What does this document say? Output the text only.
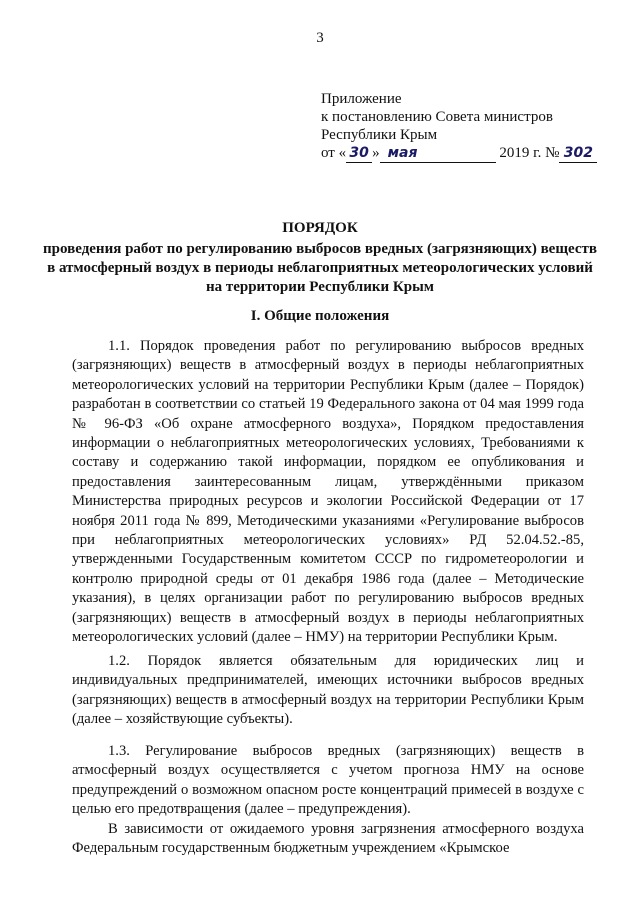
3
Приложение
к постановлению Совета министров
Республики Крым
от « 30 » мая	2019 г. № 302
ПОРЯДОК
проведения работ по регулированию выбросов вредных (загрязняющих) веществ в атмосферный воздух в периоды неблагоприятных метеорологических условий на территории Республики Крым
I. Общие положения
1.1. Порядок проведения работ по регулированию выбросов вредных (загрязняющих) веществ в атмосферный воздух в периоды неблагоприятных метеорологических условий на территории Республики Крым (далее – Порядок) разработан в соответствии со статьей 19 Федерального закона от 04 мая 1999 года № 96-ФЗ «Об охране атмосферного воздуха», Порядком предоставления информации о неблагоприятных метеорологических условиях, Требованиями к составу и содержанию такой информации, порядком ее опубликования и предоставления заинтересованным лицам, утверждёнными приказом Министерства природных ресурсов и экологии Российской Федерации от 17 ноября 2011 года № 899, Методическими указаниями «Регулирование выбросов при неблагоприятных метеорологических условиях» РД 52.04.52.-85, утвержденными Государственным комитетом СССР по гидрометеорологии и контролю природной среды от 01 декабря 1986 года (далее – Методические указания), в целях организации работ по регулированию выбросов вредных (загрязняющих) веществ в атмосферный воздух в периоды неблагоприятных метеорологических условий (далее – НМУ) на территории Республики Крым.
1.2. Порядок является обязательным для юридических лиц и индивидуальных предпринимателей, имеющих источники выбросов вредных (загрязняющих) веществ в атмосферный воздух на территории Республики Крым (далее – хозяйствующие субъекты).
1.3. Регулирование выбросов вредных (загрязняющих) веществ в атмосферный воздух осуществляется с учетом прогноза НМУ на основе предупреждений о возможном опасном росте концентраций примесей в воздухе с целью его предотвращения (далее – предупреждения).
В зависимости от ожидаемого уровня загрязнения атмосферного воздуха Федеральным государственным бюджетным учреждением «Крымское
